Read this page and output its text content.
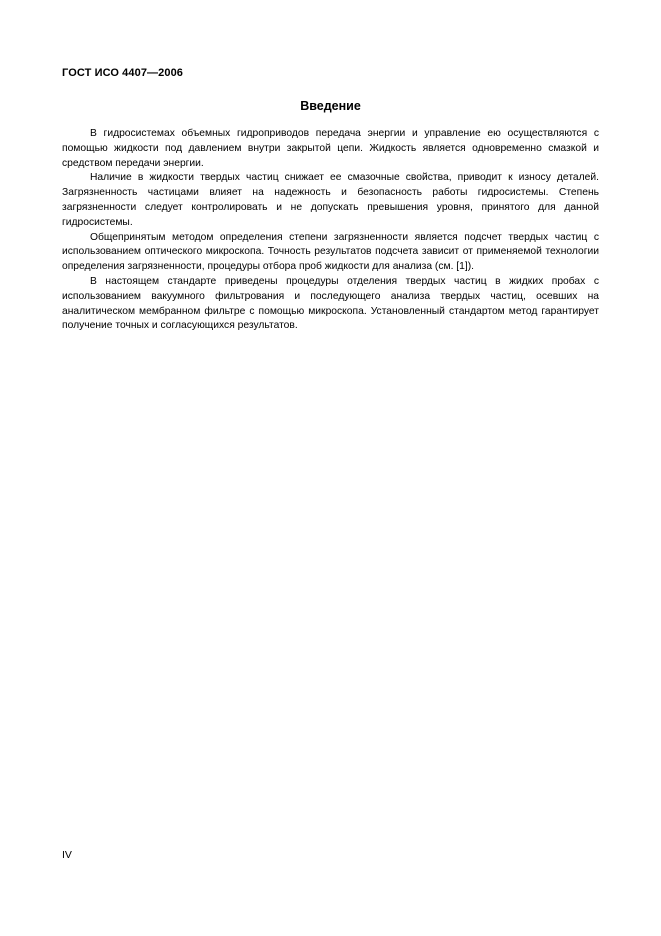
ГОСТ ИСО 4407—2006
Введение

В гидросистемах объемных гидроприводов передача энергии и управление ею осуществляются с помощью жидкости под давлением внутри закрытой цепи. Жидкость является одновременно смазкой и средством передачи энергии.

Наличие в жидкости твердых частиц снижает ее смазочные свойства, приводит к износу деталей. Загрязненность частицами влияет на надежность и безопасность работы гидросистемы. Степень загрязненности следует контролировать и не допускать превышения уровня, принятого для данной гидросистемы.

Общепринятым методом определения степени загрязненности является подсчет твердых частиц с использованием оптического микроскопа. Точность результатов подсчета зависит от применяемой технологии определения загрязненности, процедуры отбора проб жидкости для анализа (см. [1]).

В настоящем стандарте приведены процедуры отделения твердых частиц в жидких пробах с использованием вакуумного фильтрования и последующего анализа твердых частиц, осевших на аналитическом мембранном фильтре с помощью микроскопа. Установленный стандартом метод гарантирует получение точных и согласующихся результатов.

IV
